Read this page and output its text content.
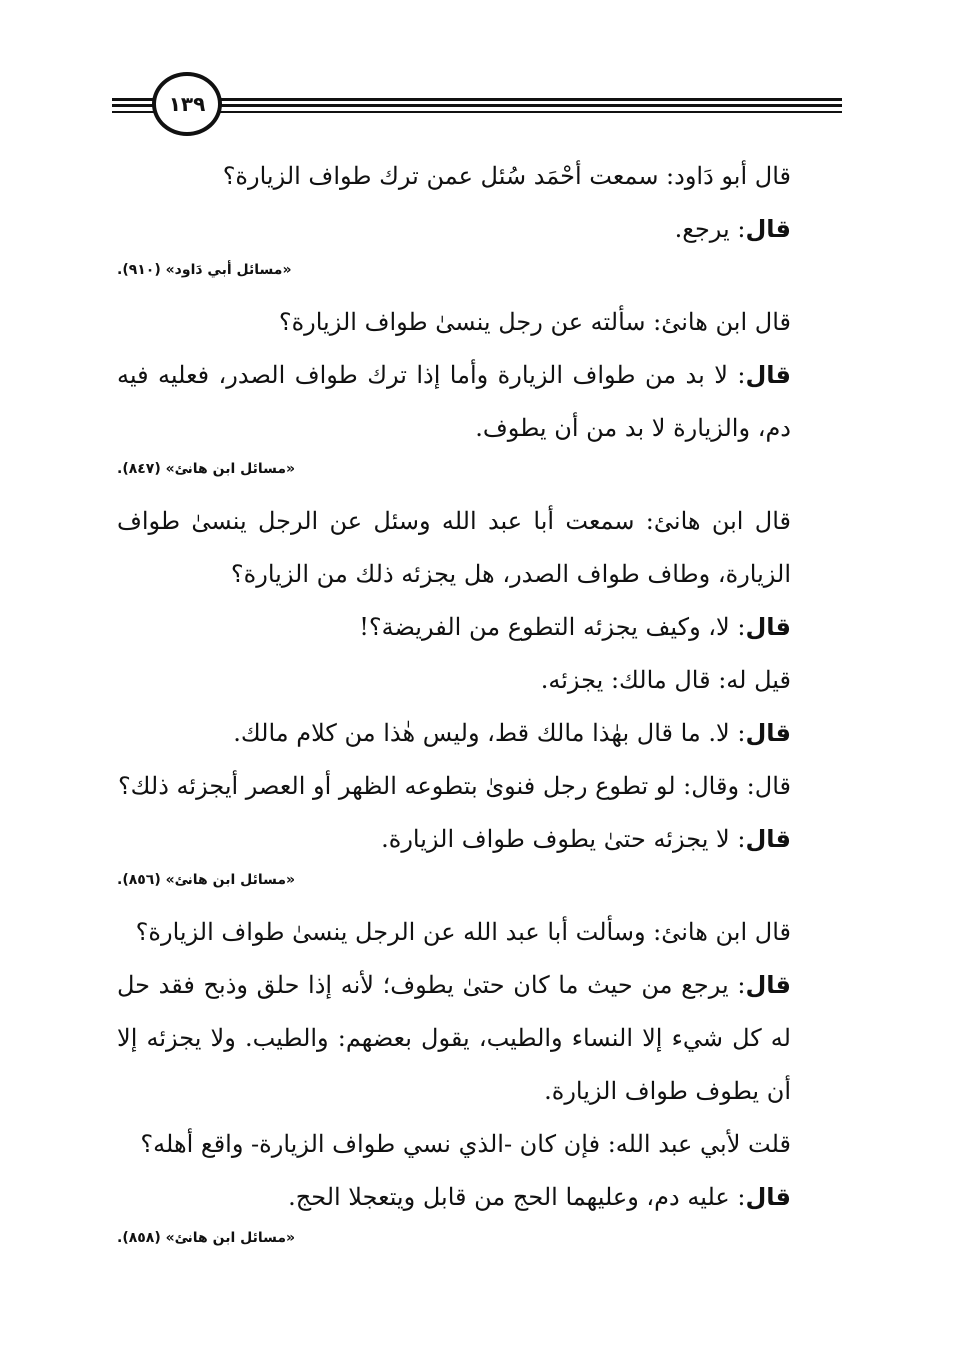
١٣٩

قال أبو دَاود: سمعت أحْمَد سُئل عمن ترك طواف الزيارة؟

قال: يرجع.

«مسائل أبي دَاود» (٩١٠).

قال ابن هانئ: سألته عن رجل ينسىٰ طواف الزيارة؟

قال: لا بد من طواف الزيارة وأما إذا ترك طواف الصدر، فعليه فيه دم، والزيارة لا بد من أن يطوف.

«مسائل ابن هانئ» (٨٤٧).

قال ابن هانئ: سمعت أبا عبد الله وسئل عن الرجل ينسىٰ طواف الزيارة، وطاف طواف الصدر، هل يجزئه ذلك من الزيارة؟

قال: لا، وكيف يجزئه التطوع من الفريضة؟!

قيل له: قال مالك: يجزئه.

قال: لا. ما قال بهٰذا مالك قط، وليس هٰذا من كلام مالك.

قال: وقال: لو تطوع رجل فنوىٰ بتطوعه الظهر أو العصر أيجزئه ذلك؟

قال: لا يجزئه حتىٰ يطوف طواف الزيارة.

«مسائل ابن هانئ» (٨٥٦).

قال ابن هانئ: وسألت أبا عبد الله عن الرجل ينسىٰ طواف الزيارة؟

قال: يرجع من حيث ما كان حتىٰ يطوف؛ لأنه إذا حلق وذبح فقد حل له كل شيء إلا النساء والطيب، يقول بعضهم: والطيب. ولا يجزئه إلا أن يطوف طواف الزيارة.

قلت لأبي عبد الله: فإن كان -الذي نسي طواف الزيارة- واقع أهله؟

قال: عليه دم، وعليهما الحج من قابل ويتعجلا الحج.

«مسائل ابن هانئ» (٨٥٨).
